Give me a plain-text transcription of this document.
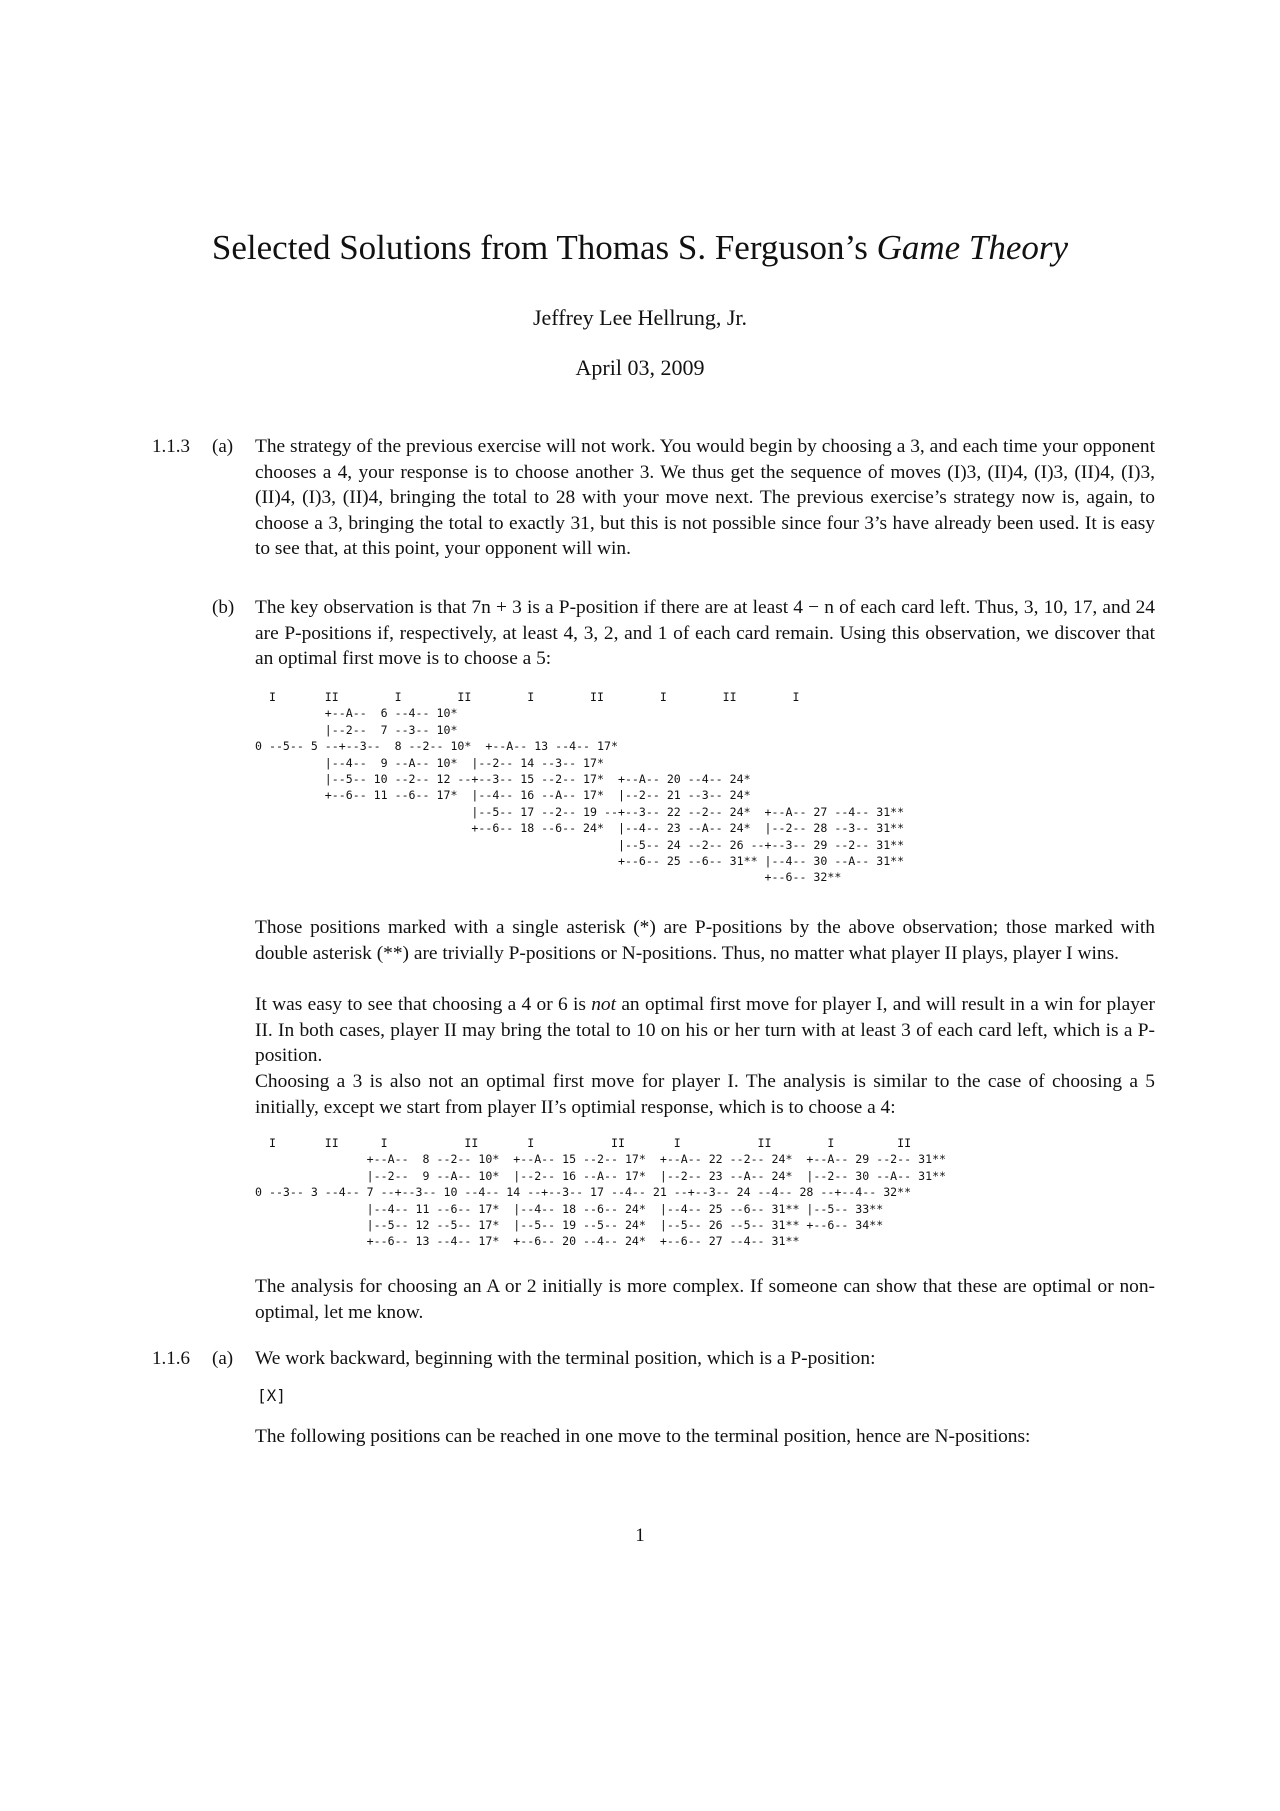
Selected Solutions from Thomas S. Ferguson’s Game Theory
Jeffrey Lee Hellrung, Jr.
April 03, 2009
1.1.3 (a) The strategy of the previous exercise will not work. You would begin by choosing a 3, and each time your opponent chooses a 4, your response is to choose another 3. We thus get the sequence of moves (I)3, (II)4, (I)3, (II)4, (I)3, (II)4, (I)3, (II)4, bringing the total to 28 with your move next. The previous exercise’s strategy now is, again, to choose a 3, bringing the total to exactly 31, but this is not possible since four 3’s have already been used. It is easy to see that, at this point, your opponent will win.

(b) The key observation is that 7n + 3 is a P-position if there are at least 4 − n of each card left. Thus, 3, 10, 17, and 24 are P-positions if, respectively, at least 4, 3, 2, and 1 of each card remain. Using this observation, we discover that an optimal first move is to choose a 5:

I       II        I        II        I        II        I        II        I
+--A--  6 --4-- 10*
|--2--  7 --3-- 10*
0 --5-- 5 --+--3--  8 --2-- 10*  +--A-- 13 --4-- 17*
|--4--  9 --A-- 10*  |--2-- 14 --3-- 17*
|--5-- 10 --2-- 12 --+--3-- 15 --2-- 17*  +--A-- 20 --4-- 24*
+--6-- 11 --6-- 17*  |--4-- 16 --A-- 17*  |--2-- 21 --3-- 24*
|--5-- 17 --2-- 19 --+--3-- 22 --2-- 24*  +--A-- 27 --4-- 31**
+--6-- 18 --6-- 24*  |--4-- 23 --A-- 24*  |--2-- 28 --3-- 31**
|--5-- 24 --2-- 26 --+--3-- 29 --2-- 31**
+--6-- 25 --6-- 31** |--4-- 30 --A-- 31**
+--6-- 32**

Those positions marked with a single asterisk (*) are P-positions by the above observation; those marked with double asterisk (**) are trivially P-positions or N-positions. Thus, no matter what player II plays, player I wins.

It was easy to see that choosing a 4 or 6 is not an optimal first move for player I, and will result in a win for player II. In both cases, player II may bring the total to 10 on his or her turn with at least 3 of each card left, which is a P-position.

Choosing a 3 is also not an optimal first move for player I. The analysis is similar to the case of choosing a 5 initially, except we start from player II’s optimial response, which is to choose a 4:

I       II      I           II       I           II       I           II        I         II
+--A--  8 --2-- 10*  +--A-- 15 --2-- 17*  +--A-- 22 --2-- 24*  +--A-- 29 --2-- 31**
|--2--  9 --A-- 10*  |--2-- 16 --A-- 17*  |--2-- 23 --A-- 24*  |--2-- 30 --A-- 31**
0 --3-- 3 --4-- 7 --+--3-- 10 --4-- 14 --+--3-- 17 --4-- 21 --+--3-- 24 --4-- 28 --+--4-- 32**
|--4-- 11 --6-- 17*  |--4-- 18 --6-- 24*  |--4-- 25 --6-- 31** |--5-- 33**
|--5-- 12 --5-- 17*  |--5-- 19 --5-- 24*  |--5-- 26 --5-- 31** +--6-- 34**
+--6-- 13 --4-- 17*  +--6-- 20 --4-- 24*  +--6-- 27 --4-- 31**

The analysis for choosing an A or 2 initially is more complex. If someone can show that these are optimal or non-optimal, let me know.

1.1.6 (a) We work backward, beginning with the terminal position, which is a P-position:

[X]

The following positions can be reached in one move to the terminal position, hence are N-positions:

1
